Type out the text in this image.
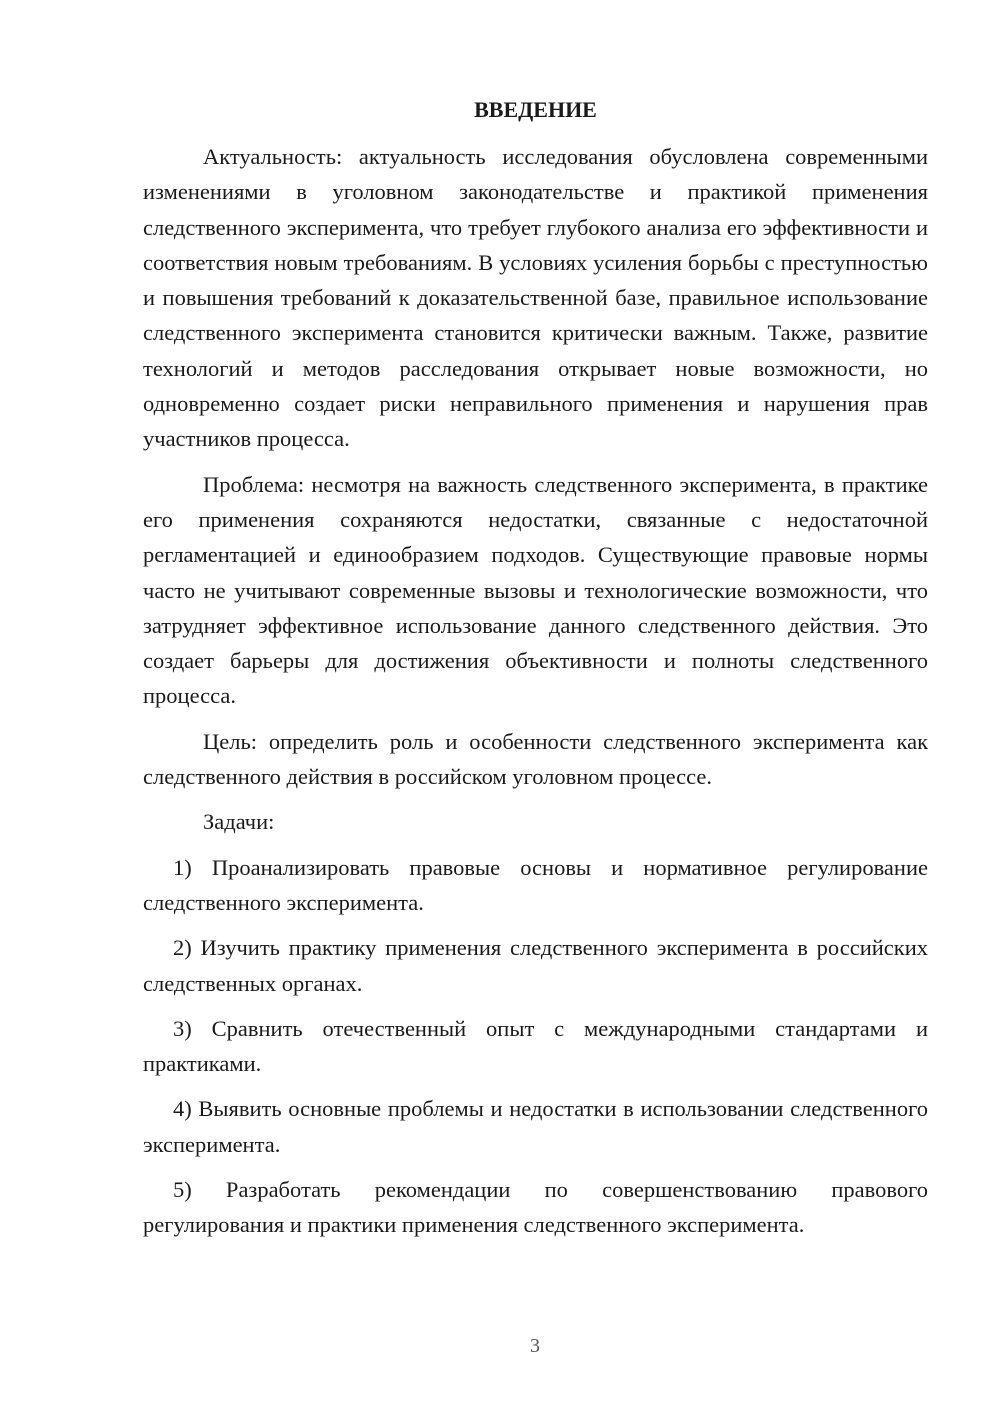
ВВЕДЕНИЕ

Актуальность: актуальность исследования обусловлена современными изменениями в уголовном законодательстве и практикой применения следственного эксперимента, что требует глубокого анализа его эффективности и соответствия новым требованиям. В условиях усиления борьбы с преступностью и повышения требований к доказательственной базе, правильное использование следственного эксперимента становится критически важным. Также, развитие технологий и методов расследования открывает новые возможности, но одновременно создает риски неправильного применения и нарушения прав участников процесса.

Проблема: несмотря на важность следственного эксперимента, в практике его применения сохраняются недостатки, связанные с недостаточной регламентацией и единообразием подходов. Существующие правовые нормы часто не учитывают современные вызовы и технологические возможности, что затрудняет эффективное использование данного следственного действия. Это создает барьеры для достижения объективности и полноты следственного процесса.

Цель: определить роль и особенности следственного эксперимента как следственного действия в российском уголовном процессе.

Задачи:

1) Проанализировать правовые основы и нормативное регулирование следственного эксперимента.

2) Изучить практику применения следственного эксперимента в российских следственных органах.

3) Сравнить отечественный опыт с международными стандартами и практиками.

4) Выявить основные проблемы и недостатки в использовании следственного эксперимента.

5) Разработать рекомендации по совершенствованию правового регулирования и практики применения следственного эксперимента.

3
